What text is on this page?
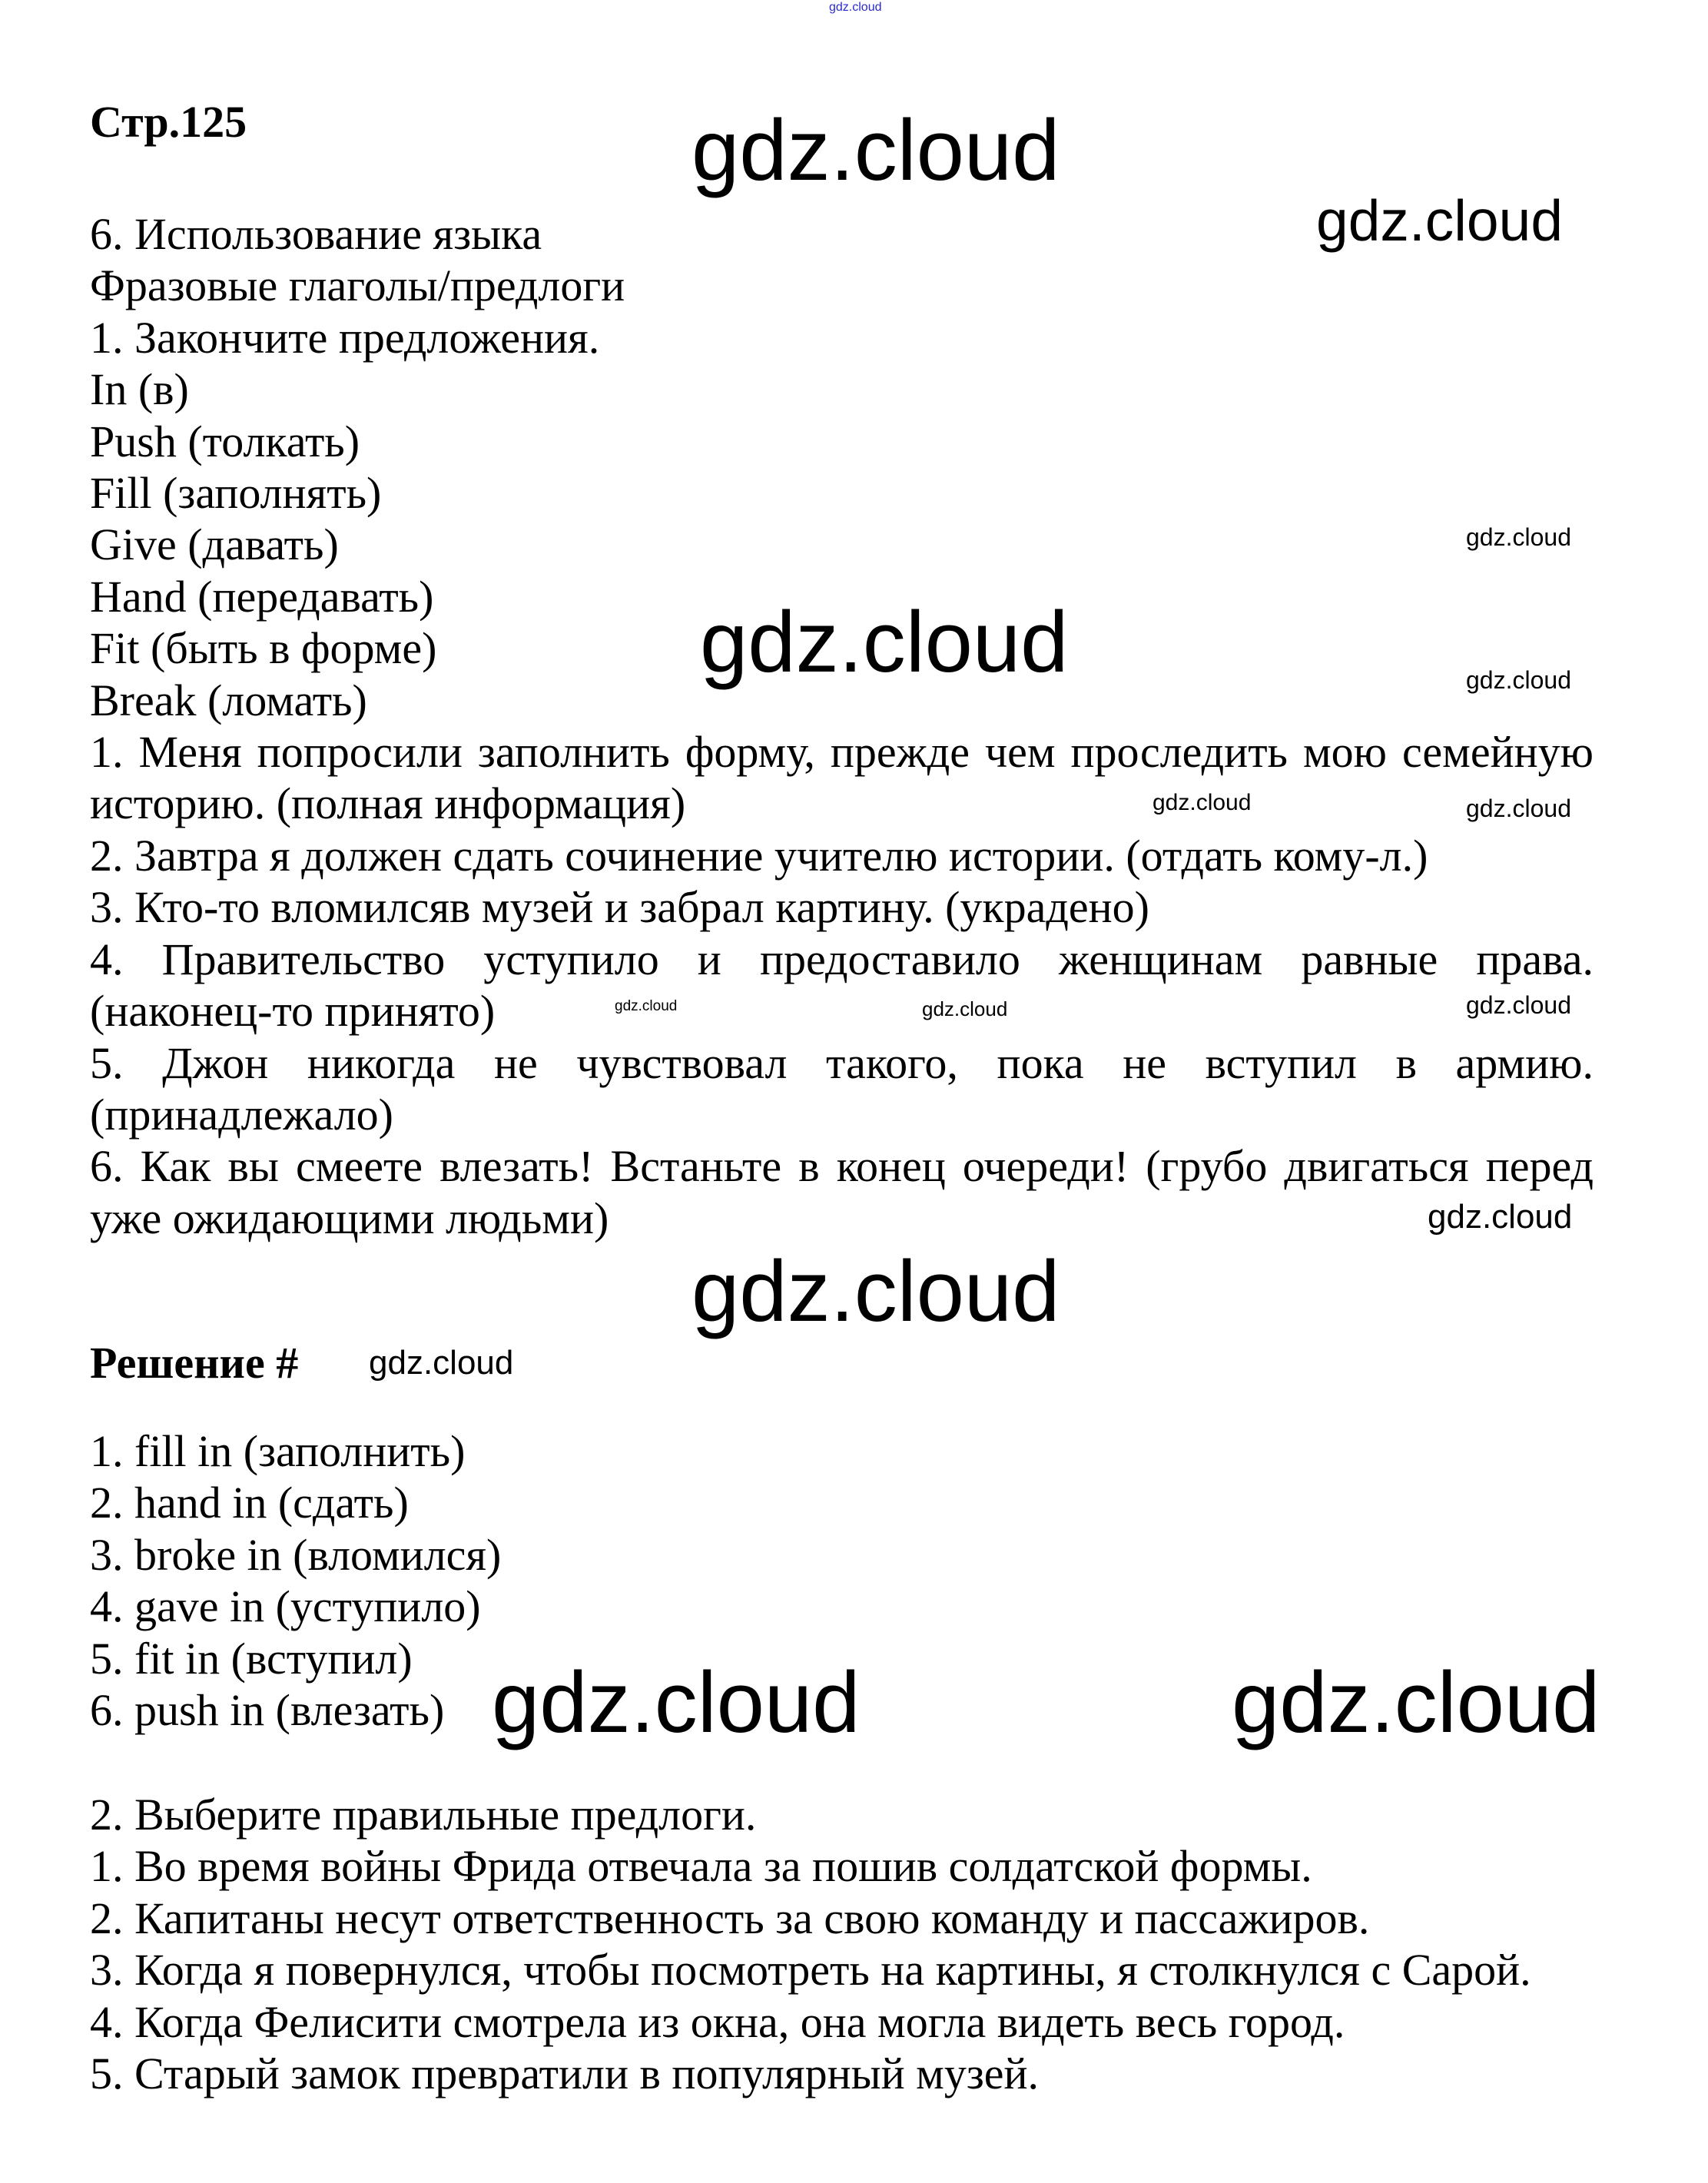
Стр.125
6. Использование языка
Фразовые глаголы/предлоги
1. Закончите предложения.
In (в)
Push (толкать)
Fill (заполнять)
Give (давать)
Hand (передавать)
Fit (быть в форме)
Break (ломать)
1. Меня попросили заполнить форму, прежде чем проследить мою семейную
историю. (полная информация)
2. Завтра я должен сдать сочинение учителю истории. (отдать кому-л.)
3. Кто-то вломилсяв музей и забрал картину. (украдено)
4. Правительство уступило и предоставило женщинам равные права.
(наконец-то принято)
5. Джон никогда не чувствовал такого, пока не вступил в армию.
(принадлежало)
6. Как вы смеете влезать! Встаньте в конец очереди! (грубо двигаться перед
уже ожидающими людьми)
Решение #
1. fill in (заполнить)
2. hand in (сдать)
3. broke in (вломился)
4. gave in (уступило)
5. fit in (вступил)
6. push in (влезать)
2. Выберите правильные предлоги.
1. Во время войны Фрида отвечала за пошив солдатской формы.
2. Капитаны несут ответственность за свою команду и пассажиров.
3. Когда я повернулся, чтобы посмотреть на картины, я столкнулся с Сарой.
4. Когда Фелисити смотрела из окна, она могла видеть весь город.
5. Старый замок превратили в популярный музей.
gdz.cloud
gdz.cloud
gdz.cloud
gdz.cloud
gdz.cloud
gdz.cloud
gdz.cloud
gdz.cloud
gdz.cloud
gdz.cloud
gdz.cloud	gdz.cloud
gdz.cloud
gdz.cloud
gdz.cloud	gdz.cloud
